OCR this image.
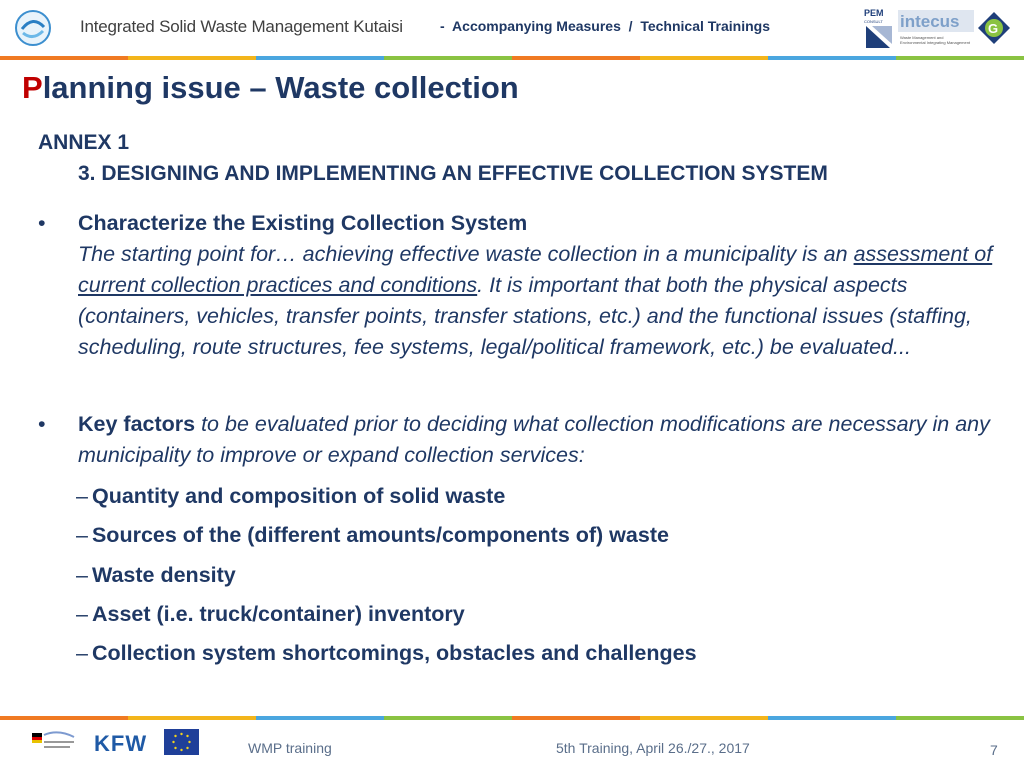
Integrated Solid Waste Management Kutaisi	- Accompanying Measures  /  Technical Trainings
PEM
CONSULT intecus
Waste Management and
Environmental Integrating Management
G
Planning issue – Waste collection
ANNEX 1
3. DESIGNING AND IMPLEMENTING AN EFFECTIVE COLLECTION SYSTEM
•	Characterize the Existing Collection System
The starting point for… achieving effective waste collection in a municipality is an assessment of current collection practices and conditions. It is important that both the physical aspects (containers, vehicles, transfer points, transfer stations, etc.) and the functional issues (staffing, scheduling, route structures, fee systems, legal/political framework, etc.) be evaluated...
•	Key factors to be evaluated prior to deciding what collection modifications are necessary in any municipality to improve or expand collection services:
– Quantity and composition of solid waste
– Sources of the (different amounts/components of) waste
– Waste density
– Asset (i.e. truck/container) inventory
– Collection system shortcomings, obstacles and challenges
KFW	WMP training	5th Training, April 26./27., 2017	7
